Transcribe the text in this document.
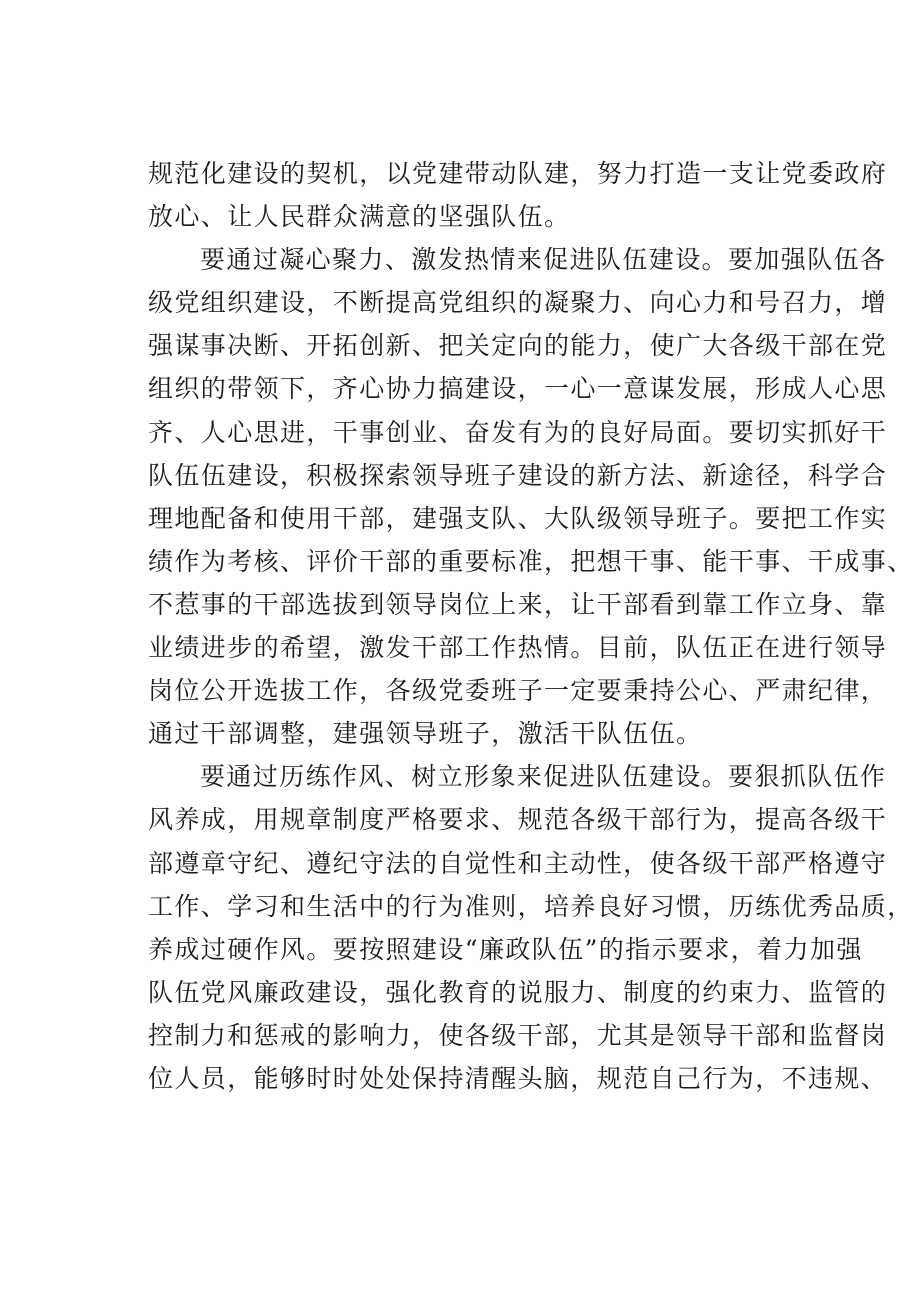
规范化建设的契机，以党建带动队建，努力打造一支让党委政府
放心、让人民群众满意的坚强队伍。
要通过凝心聚力、激发热情来促进队伍建设。要加强队伍各
级党组织建设，不断提高党组织的凝聚力、向心力和号召力，增
强谋事决断、开拓创新、把关定向的能力，使广大各级干部在党
组织的带领下，齐心协力搞建设，一心一意谋发展，形成人心思
齐、人心思进，干事创业、奋发有为的良好局面。要切实抓好干
队伍伍建设，积极探索领导班子建设的新方法、新途径，科学合
理地配备和使用干部，建强支队、大队级领导班子。要把工作实
绩作为考核、评价干部的重要标准，把想干事、能干事、干成事、
不惹事的干部选拔到领导岗位上来，让干部看到靠工作立身、靠
业绩进步的希望，激发干部工作热情。目前，队伍正在进行领导
岗位公开选拔工作，各级党委班子一定要秉持公心、严肃纪律，
通过干部调整，建强领导班子，激活干队伍伍。
要通过历练作风、树立形象来促进队伍建设。要狠抓队伍作
风养成，用规章制度严格要求、规范各级干部行为，提高各级干
部遵章守纪、遵纪守法的自觉性和主动性，使各级干部严格遵守
工作、学习和生活中的行为准则，培养良好习惯，历练优秀品质，
养成过硬作风。要按照建设“廉政队伍”的指示要求，着力加强
队伍党风廉政建设，强化教育的说服力、制度的约束力、监管的
控制力和惩戒的影响力，使各级干部，尤其是领导干部和监督岗
位人员，能够时时处处保持清醒头脑，规范自己行为，不违规、
